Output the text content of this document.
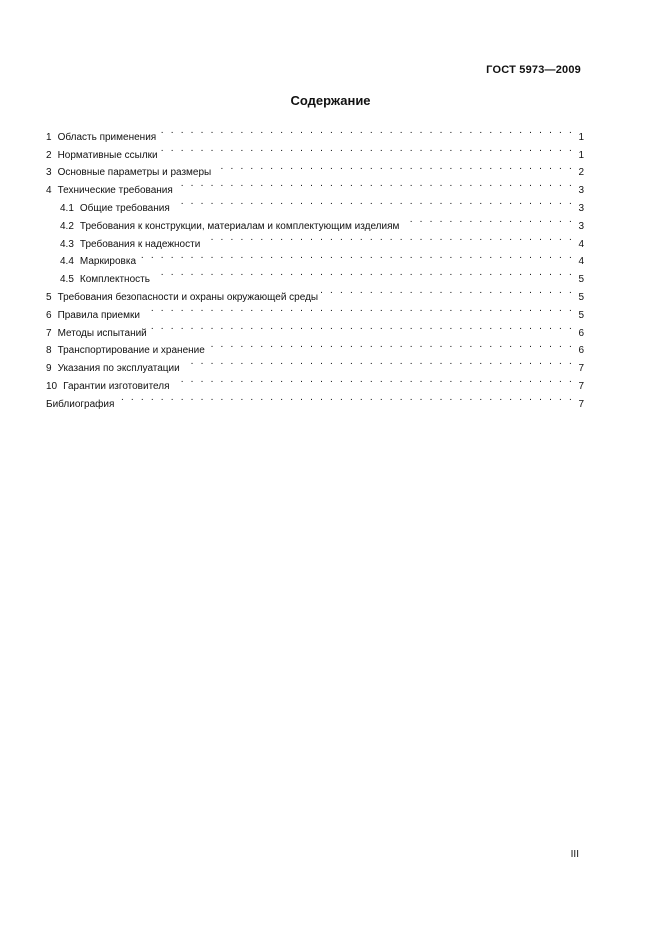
ГОСТ 5973—2009
Содержание
1 Область применения . . .	1
2 Нормативные ссылки . . .	1
3 Основные параметры и размеры . . .	2
4 Технические требования . . .	3
4.1 Общие требования . . .	3
4.2 Требования к конструкции, материалам и комплектующим изделиям . . .	3
4.3 Требования к надежности . . .	4
4.4 Маркировка . . .	4
4.5 Комплектность . . .	5
5 Требования безопасности и охраны окружающей среды . . .	5
6 Правила приемки . . .	5
7 Методы испытаний . . .	6
8 Транспортирование и хранение . . .	6
9 Указания по эксплуатации . . .	7
10 Гарантии изготовителя . . .	7
Библиография . . .	7
III
